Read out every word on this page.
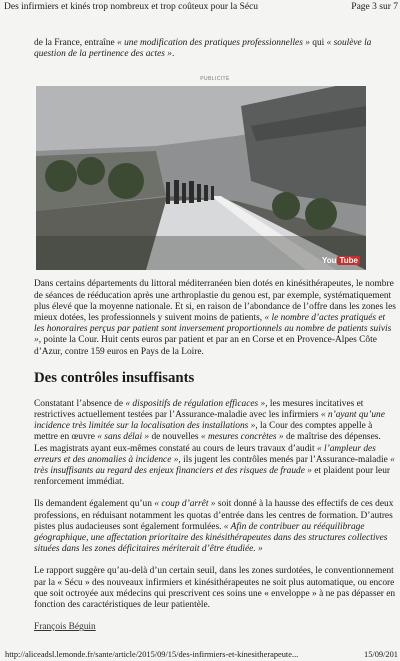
Des infirmiers et kinés trop nombreux et trop coûteux pour la Sécu	Page 3 sur 7

de la France, entraîne « une modification des pratiques professionnelles » qui « soulève la question de la pertinence des actes ».

PUBLICITÉ
You Tube

Dans certains départements du littoral méditerranéen bien dotés en kinésithérapeutes, le nombre de séances de rééducation après une arthroplastie du genou est, par exemple, systématiquement plus élevé que la moyenne nationale. Et si, en raison de l’abondance de l’offre dans les zones les mieux dotées, les professionnels y suivent moins de patients, « le nombre d’actes pratiqués et les honoraires perçus par patient sont inversement proportionnels au nombre de patients suivis », pointe la Cour. Huit cents euros par patient et par an en Corse et en Provence-Alpes Côte d’Azur, contre 159 euros en Pays de la Loire.

Des contrôles insuffisants

Constatant l’absence de « dispositifs de régulation efficaces », les mesures incitatives et restrictives actuellement testées par l’Assurance-maladie avec les infirmiers « n’ayant qu’une incidence très limitée sur la localisation des installations », la Cour des comptes appelle à mettre en œuvre « sans délai » de nouvelles « mesures concrètes » de maîtrise des dépenses. Les magistrats ayant eux-mêmes constaté au cours de leurs travaux d’audit « l’ampleur des erreurs et des anomalies à incidence », ils jugent les contrôles menés par l’Assurance-maladie « très insuffisants au regard des enjeux financiers et des risques de fraude » et plaident pour leur renforcement immédiat.

Ils demandent également qu’un « coup d’arrêt » soit donné à la hausse des effectifs de ces deux professions, en réduisant notamment les quotas d’entrée dans les centres de formation. D’autres pistes plus audacieuses sont également formulées. « Afin de contribuer au rééquilibrage géographique, une affectation prioritaire des kinésithérapeutes dans des structures collectives situées dans les zones déficitaires mériterait d’être étudiée. »

Le rapport suggère qu’au-delà d’un certain seuil, dans les zones surdotées, le conventionnement par la « Sécu » des nouveaux infirmiers et kinésithérapeutes ne soit plus automatique, ou encore que soit octroyée aux médecins qui prescrivent ces soins une « enveloppe » à ne pas dépasser en fonction des caractéristiques de leur patientèle.

François Béguin
http://aliceadsl.lemonde.fr/sante/article/2015/09/15/des-infirmiers-et-kinesitherapeute...	15/09/201
